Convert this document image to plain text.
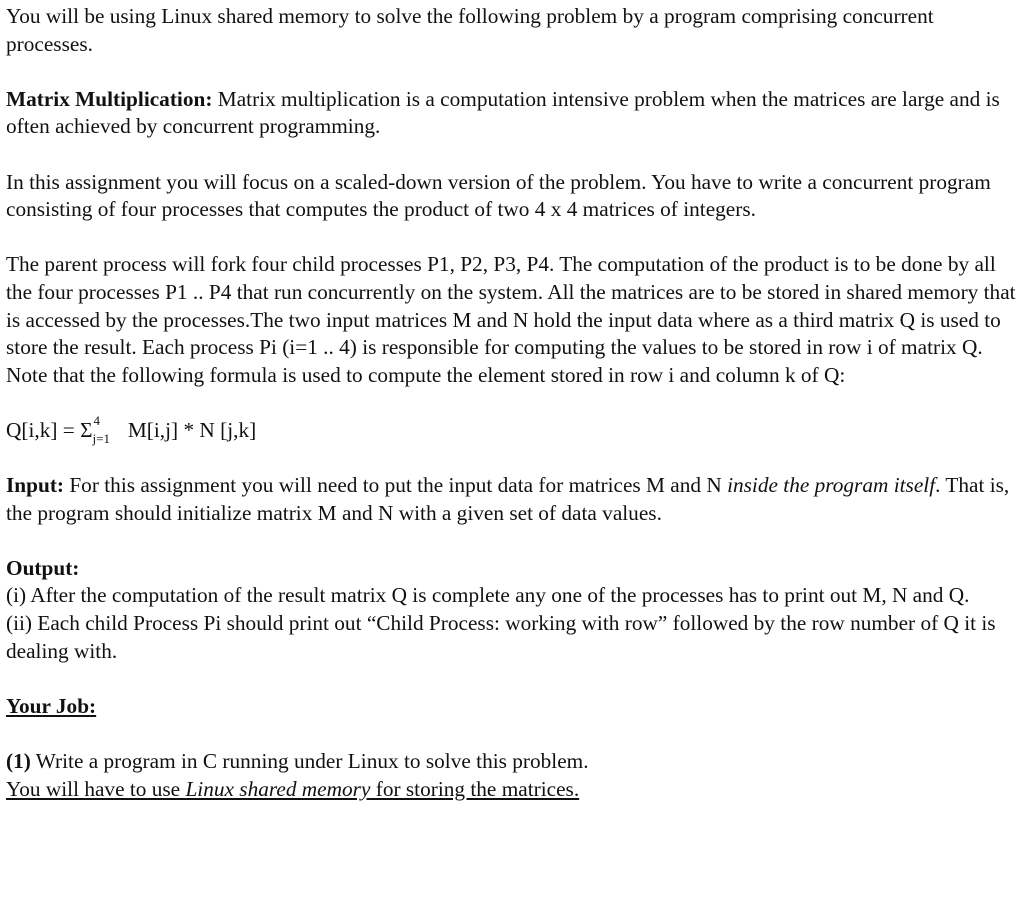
You will be using Linux shared memory to solve the following problem by a program comprising concurrent processes.

Matrix Multiplication: Matrix multiplication is a computation intensive problem when the matrices are large and is often achieved by concurrent programming.

In this assignment you will focus on a scaled-down version of the problem. You have to write a concurrent program consisting of four processes that computes the product of two 4 x 4 matrices of integers.

The parent process will fork four child processes P1, P2, P3, P4. The computation of the product is to be done by all the four processes P1 .. P4 that run concurrently on the system. All the matrices are to be stored in shared memory that is accessed by the processes.The two input matrices M and N hold the input data where as a third matrix Q is used to store the result. Each process Pi (i=1 .. 4) is responsible for computing the values to be stored in row i of matrix Q. Note that the following formula is used to compute the element stored in row i and column k of Q:

Q[i,k] = Σ 4
j=1 M[i,j] * N [j,k]

Input: For this assignment you will need to put the input data for matrices M and N inside the program itself. That is, the program should initialize matrix M and N with a given set of data values.

Output:

(i) After the computation of the result matrix Q is complete any one of the processes has to print out M, N and Q.

(ii) Each child Process Pi should print out “Child Process: working with row” followed by the row number of Q it is dealing with.

Your Job:

(1) Write a program in C running under Linux to solve this problem.

You will have to use Linux shared memory for storing the matrices.
